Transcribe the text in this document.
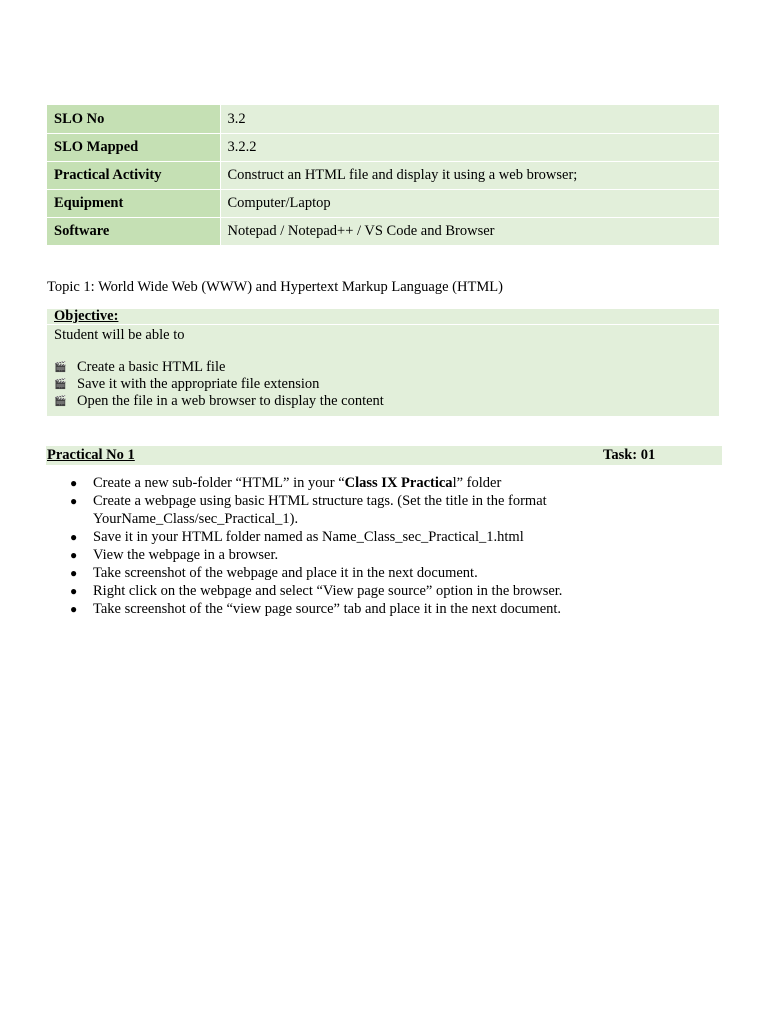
SLO No	3.2
SLO Mapped	3.2.2
Practical Activity	Construct an HTML file and display it using a web browser;
Equipment	Computer/Laptop
Software	Notepad / Notepad++ / VS Code and Browser
Topic 1: World Wide Web (WWW) and Hypertext Markup Language (HTML)
Objective:
Student will be able to
🎬 Create a basic HTML file
🎬 Save it with the appropriate file extension
🎬 Open the file in a web browser to display the content
Practical No 1	Task: 01
● Create a new sub-folder “HTML” in your “Class IX Practical” folder
● Create a webpage using basic HTML structure tags. (Set the title in the format YourName_Class/sec_Practical_1).
● Save it in your HTML folder named as Name_Class_sec_Practical_1.html
● View the webpage in a browser.
● Take screenshot of the webpage and place it in the next document.
● Right click on the webpage and select “View page source” option in the browser.
● Take screenshot of the “view page source” tab and place it in the next document.
